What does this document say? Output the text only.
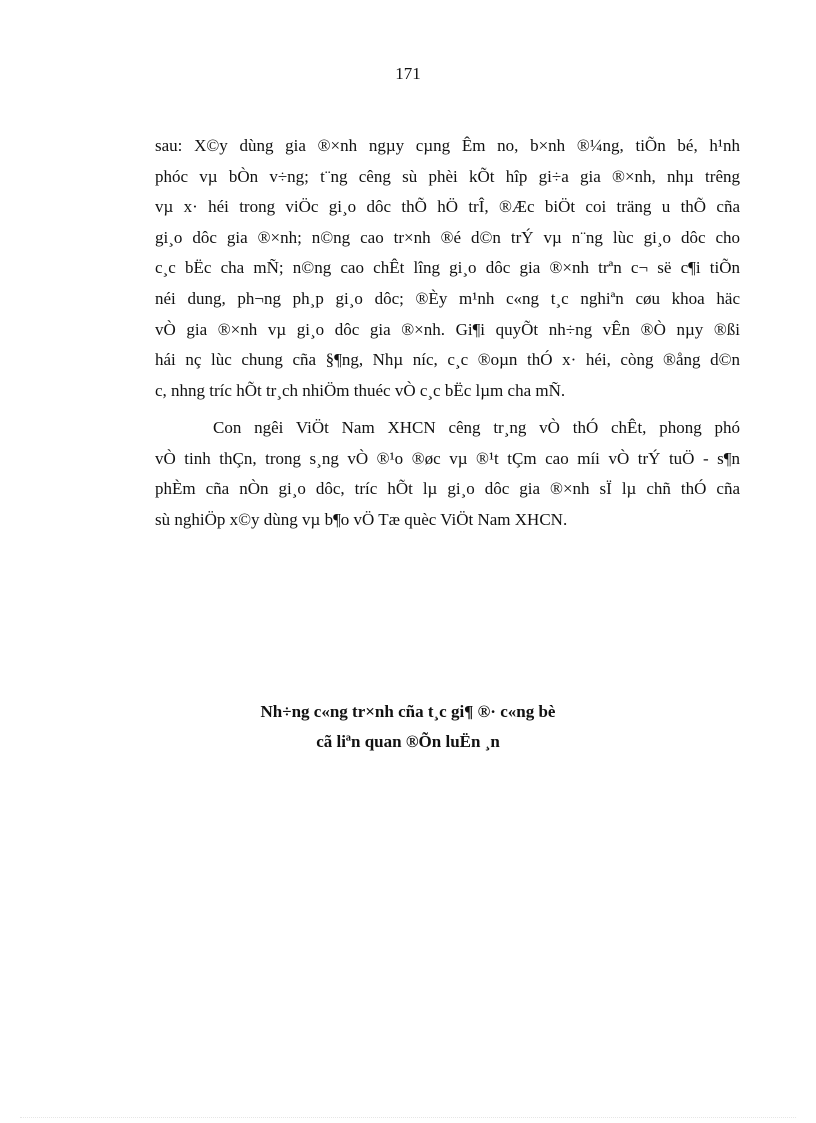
171
sau: X©y dùng gia ®×nh ngµy cµng Êm no, b×nh ®¼ng, tiÕn bé, h¹nh
phóc vµ bÒn v÷ng; t¨ng cêng sù phèi kÕt hîp gi÷a gia ®×nh, nhµ trêng
vµ x· héi trong viÖc gi¸o dôc thÕ hÖ trÎ, ®Æc biÖt coi träng u thÕ cña
gi¸o dôc gia ®×nh; n©ng cao tr×nh ®é d©n trÝ vµ n¨ng lùc gi¸o dôc cho
c¸c bËc cha mÑ; n©ng cao chÊt lîng gi¸o dôc gia ®×nh trªn c¬ së c¶i tiÕn
néi dung, ph¬ng ph¸p gi¸o dôc; ®Èy m¹nh c«ng t¸c nghiªn cøu khoa häc
vÒ gia ®×nh vµ gi¸o dôc gia ®×nh. Gi¶i quyÕt nh÷ng vÊn ®Ò nµy ®ßi
hái nç lùc chung cña §¶ng, Nhµ níc, c¸c ®oµn thÓ x· héi, còng ®ång d©n
c, nhng tríc hÕt tr¸ch nhiÖm thuéc vÒ c¸c bËc lµm cha mÑ.
Con ngêi ViÖt Nam XHCN cêng tr¸ng vÒ thÓ chÊt, phong phó
vÒ tinh thÇn, trong s¸ng vÒ ®¹o ®øc vµ ®¹t tÇm cao míi vÒ trÝ tuÖ - s¶n
phÈm cña nÒn gi¸o dôc, tríc hÕt lµ gi¸o dôc gia ®×nh sÏ lµ chñ thÓ cña
sù nghiÖp x©y dùng vµ b¶o vÖ Tæ quèc ViÖt Nam XHCN.
Nh÷ng c«ng tr×nh cña t¸c gi¶ ®· c«ng bè
cã liªn quan ®Õn luËn ¸n
